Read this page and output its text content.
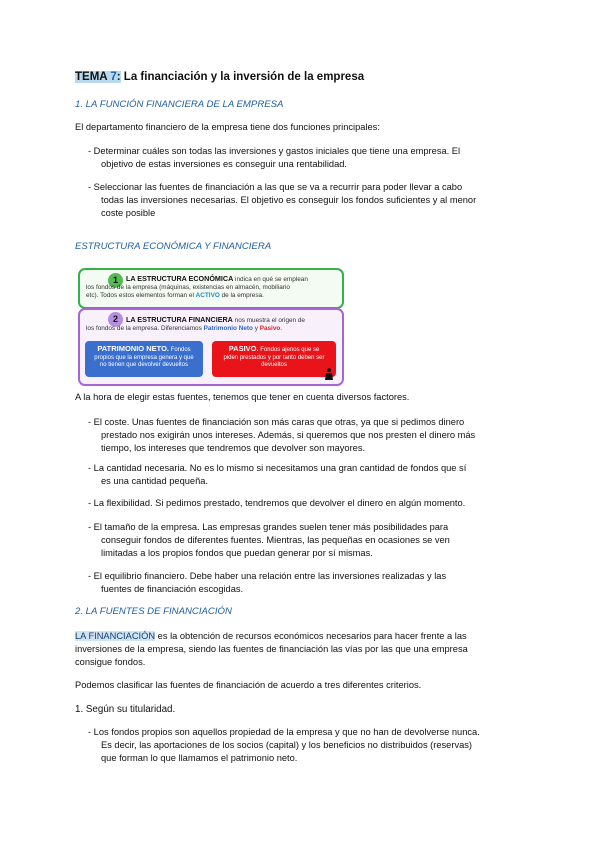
TEMA 7: La financiación y la inversión de la empresa
1. LA FUNCIÓN FINANCIERA DE LA EMPRESA
El departamento financiero de la empresa tiene dos funciones principales:
- Determinar cuáles son todas las inversiones y gastos iniciales que tiene una empresa. El
objetivo de estas inversiones es conseguir una rentabilidad.
- Seleccionar las fuentes de financiación a las que se va a recurrir para poder llevar a cabo
todas las inversiones necesarias. El objetivo es conseguir los fondos suficientes y al menor
coste posible
ESTRUCTURA ECONÓMICA Y FINANCIERA
1	LA ESTRUCTURA ECONÓMICA indica en qué se emplean
los fondos de la empresa (máquinas, existencias en almacén, mobiliario
etc). Todos estos elementos forman el ACTIVO de la empresa.
2	LA ESTRUCTURA FINANCIERA nos muestra el origen de
los fondos de la empresa. Diferenciamos Patrimonio Neto y Pasivo.
PATRIMONIO NETO. Fondos
propios que la empresa genera y que
no tienen que devolver devueltos
PASIVO. Fondos ajenos que se
piden prestados y por tanto deben ser
devueltos
A la hora de elegir estas fuentes, tenemos que tener en cuenta diversos factores.
- El coste. Unas fuentes de financiación son más caras que otras, ya que si pedimos dinero
prestado nos exigirán unos intereses. Además, si queremos que nos presten el dinero más
tiempo, los intereses que tendremos que devolver son mayores.
- La cantidad necesaria. No es lo mismo si necesitamos una gran cantidad de fondos que sí
es una cantidad pequeña.
- La flexibilidad. Si pedimos prestado, tendremos que devolver el dinero en algún momento.
- El tamaño de la empresa. Las empresas grandes suelen tener más posibilidades para
conseguir fondos de diferentes fuentes. Mientras, las pequeñas en ocasiones se ven
limitadas a los propios fondos que puedan generar por sí mismas.
- El equilibrio financiero. Debe haber una relación entre las inversiones realizadas y las
fuentes de financiación escogidas.
2. LA FUENTES DE FINANCIACIÓN
LA FINANCIACIÓN es la obtención de recursos económicos necesarios para hacer frente a las
inversiones de la empresa, siendo las fuentes de financiación las vías por las que una empresa
consigue fondos.
Podemos clasificar las fuentes de financiación de acuerdo a tres diferentes criterios.
1. Según su titularidad.
- Los fondos propios son aquellos propiedad de la empresa y que no han de devolverse nunca.
Es decir, las aportaciones de los socios (capital) y los beneficios no distribuidos (reservas)
que forman lo que llamamos el patrimonio neto.
